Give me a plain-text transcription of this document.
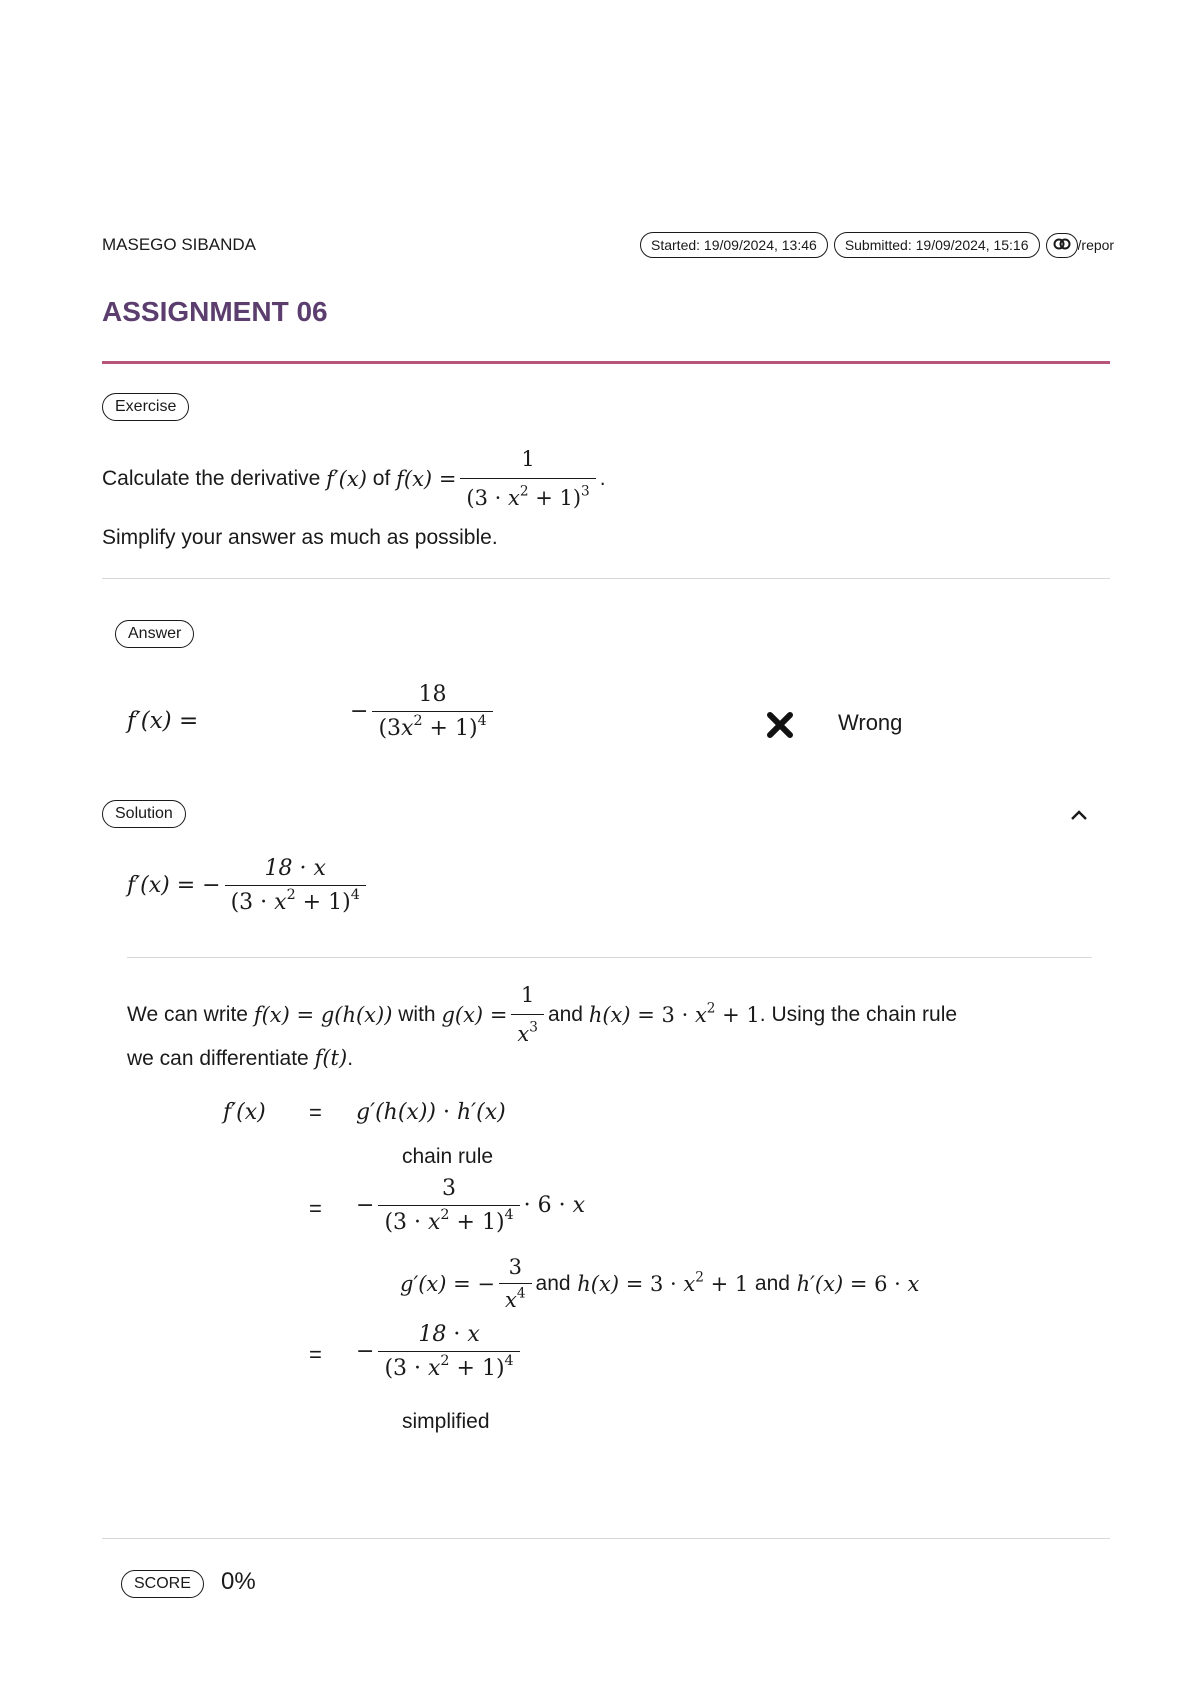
MASEGO SIBANDA	Started: 19/09/2024, 13:46	Submitted: 19/09/2024, 15:16	/repor
ASSIGNMENT 06
Exercise
Calculate the derivative
f′(x)
of
$f(x) = \frac{1}{(3 \cdot x^2 + 1)^3}$ .
Simplify your answer as much as possible.
Answer
f′(x) =	− $\frac{18}{(3x^2 + 1)^4}$	Wrong
Solution
f′(x) = − $\frac{18 \cdot x}{(3 \cdot x^2 + 1)^4}$
We can write
f(x) = g(h(x))
with
$g(x) = \frac{1}{x^3}$ and
$h(x) = 3 \cdot x^2 + 1$ . Using the chain rule
we can differentiate f(t).
f′(x) = g′(h(x)) · h′(x)
chain rule
= − $\frac{3}{(3 \cdot x^2 + 1)^4} \cdot 6 \cdot x$
g′(x) = − $\frac{3}{x^4}$ and
$h(x) = 3 \cdot x^2 + 1$
and
h′(x) = 6 · x
= − $\frac{18 \cdot x}{(3 \cdot x^2 + 1)^4}$
simplified
SCORE	0%
